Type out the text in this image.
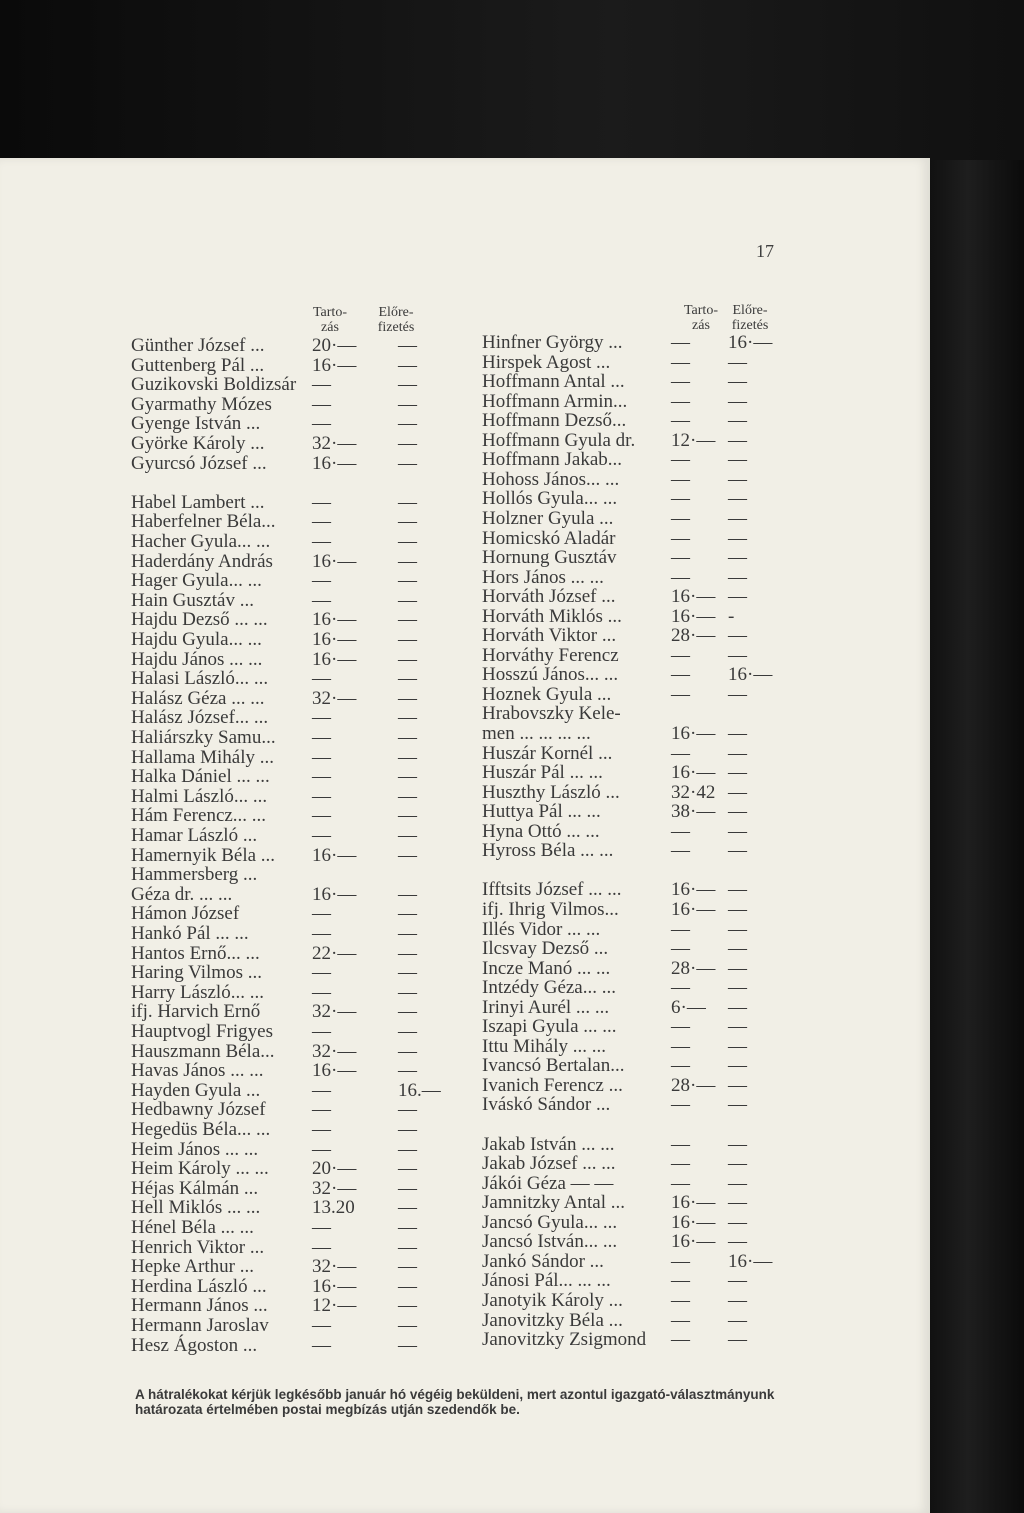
17
Tarto-
zás
Előre-
fizetés
Tarto-
zás
Előre-
fizetés
Günther József ...	20·— —
Guttenberg Pál ...	16·— —
Guzikovski Boldizsár —	—
Gyarmathy Mózes —	—
Gyenge István ...	—	—
Györke Károly ...	32·— —
Gyurcsó József ... 16·— —
Habel Lambert ...	—	—
Haberfelner Béla... —	—
Hacher Gyula... ... —	—
Haderdány András 16·— —
Hager Gyula... ...	—	—
Hain Gusztáv ...	—	—
Hajdu Dezső ... ... 16·— —
Hajdu Gyula... ...	16·— —
Hajdu János ... ...	16·— —
Halasi László... ... —	—
Halász Géza ... ...	32·— —
Halász József... ... —	—
Haliárszky Samu... —	—
Hallama Mihály ... —	—
Halka Dániel ... ... —	—
Halmi László... ... —	—
Hám Ferencz... ... —	—
Hamar László ...	—	—
Hamernyik Béla ... 16·— —
Hammersberg ...
Géza dr. ... ...	16·— —
Hámon József	—	—
Hankó Pál ... ...	—	—
Hantos Ernő... ...	22·— —
Haring Vilmos ...	—	—
Harry László... ...	—	—
ifj. Harvich Ernő	32·— —
Hauptvogl Frigyes —	—
Hauszmann Béla... 32·— —
Havas János ... ...	16·— —
Hayden Gyula ...	—	16.—
Hedbawny József —	—
Hegedüs Béla... ... —	—
Heim János ... ...	—	—
Heim Károly ... ... 20·— —
Héjas Kálmán ...	32·— —
Hell Miklós ... ...	13.20 —
Hénel Béla ... ...	—	—
Henrich Viktor ...	—	—
Hepke Arthur ...	32·— —
Herdina László ... 16·— —
Hermann János ... 12·— —
Hermann Jaroslav —	—
Hesz Ágoston ...	—	—
Hinfner György ...	— 16·—
Hirspek Agost ...	— —
Hoffmann Antal ... — —
Hoffmann Armin... — —
Hoffmann Dezső... — —
Hoffmann Gyula dr. 12·— —
Hoffmann Jakab...	— —
Hohoss János... ...	— —
Hollós Gyula... ...	— —
Holzner Gyula ...	— —
Homicskó Aladár	— —
Hornung Gusztáv	— —
Hors János ... ...	— —
Horváth József ...	16·— —
Horváth Miklós ...	16·— -
Horváth Viktor ...	28·— —
Horváthy Ferencz	— —
Hosszú János... ...	— 16·—
Hoznek Gyula ...	— —
Hrabovszky Kele-
men ... ... ... ...	16·— —
Huszár Kornél ...	— —
Huszár Pál ... ...	16·— —
Huszthy László ...	32·42 —
Huttya Pál ... ...	38·— —
Hyna Ottó ... ...	— —
Hyross Béla ... ...	— —
Ifftsits József ... ...	16·— —
ifj. Ihrig Vilmos...	16·— —
Illés Vidor ... ...	— —
Ilcsvay Dezső ...	— —
Incze Manó ... ...	28·— —
Intzédy Géza... ...	— —
Irinyi Aurél ... ...	6·— —
Iszapi Gyula ... ...	— —
Ittu Mihály ... ...	— —
Ivancsó Bertalan... — —
Ivanich Ferencz ...	28·— —
Iváskó Sándor ...	— —
Jakab István ... ...	— —
Jakab József ... ...	— —
Jákói Géza — —	— —
Jamnitzky Antal ... 16·— —
Jancsó Gyula... ...	16·— —
Jancsó István... ...	16·— —
Jankó Sándor ...	— 16·—
Jánosi Pál... ... ...	— —
Janotyik Károly ...	— —
Janovitzky Béla ...	— —
Janovitzky Zsigmond — —
A hátralékokat kérjük legkésőbb január hó végéig beküldeni, mert azontul igazgató-választmányunk határozata értelmében postai megbízás utján szedendők be.
